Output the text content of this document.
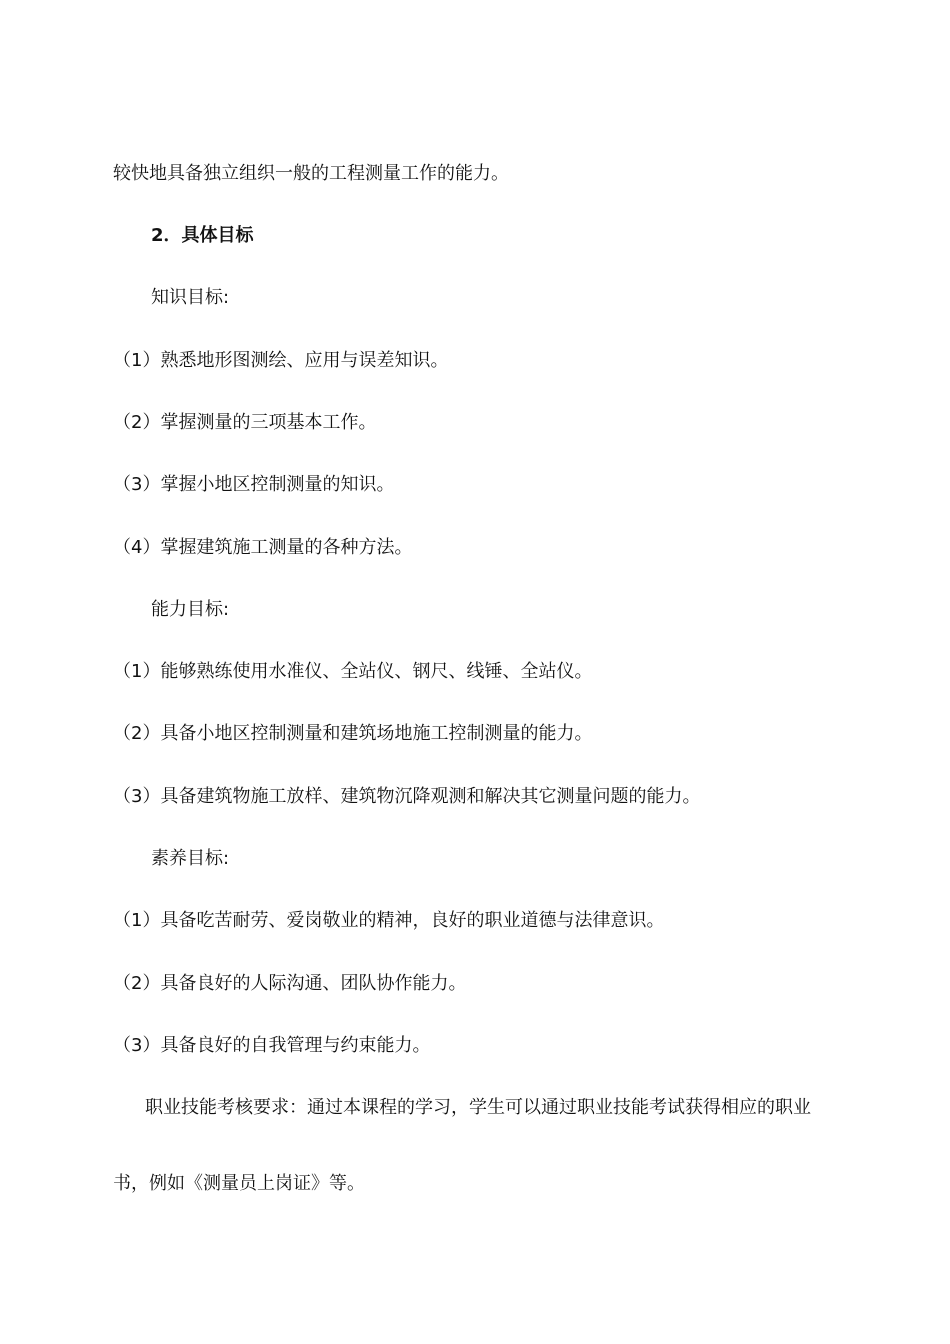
较快地具备独立组织一般的工程测量工作的能力。
2．具体目标
知识目标:
（1）熟悉地形图测绘、应用与误差知识。
（2）掌握测量的三项基本工作。
（3）掌握小地区控制测量的知识。
（4）掌握建筑施工测量的各种方法。
能力目标:
（1）能够熟练使用水准仪、全站仪、钢尺、线锤、全站仪。
（2）具备小地区控制测量和建筑场地施工控制测量的能力。
（3）具备建筑物施工放样、建筑物沉降观测和解决其它测量问题的能力。
素养目标:
（1）具备吃苦耐劳、爱岗敬业的精神，良好的职业道德与法律意识。
（2）具备良好的人际沟通、团队协作能力。
（3）具备良好的自我管理与约束能力。
职业技能考核要求：通过本课程的学习，学生可以通过职业技能考试获得相应的职业
书，例如《测量员上岗证》等。
